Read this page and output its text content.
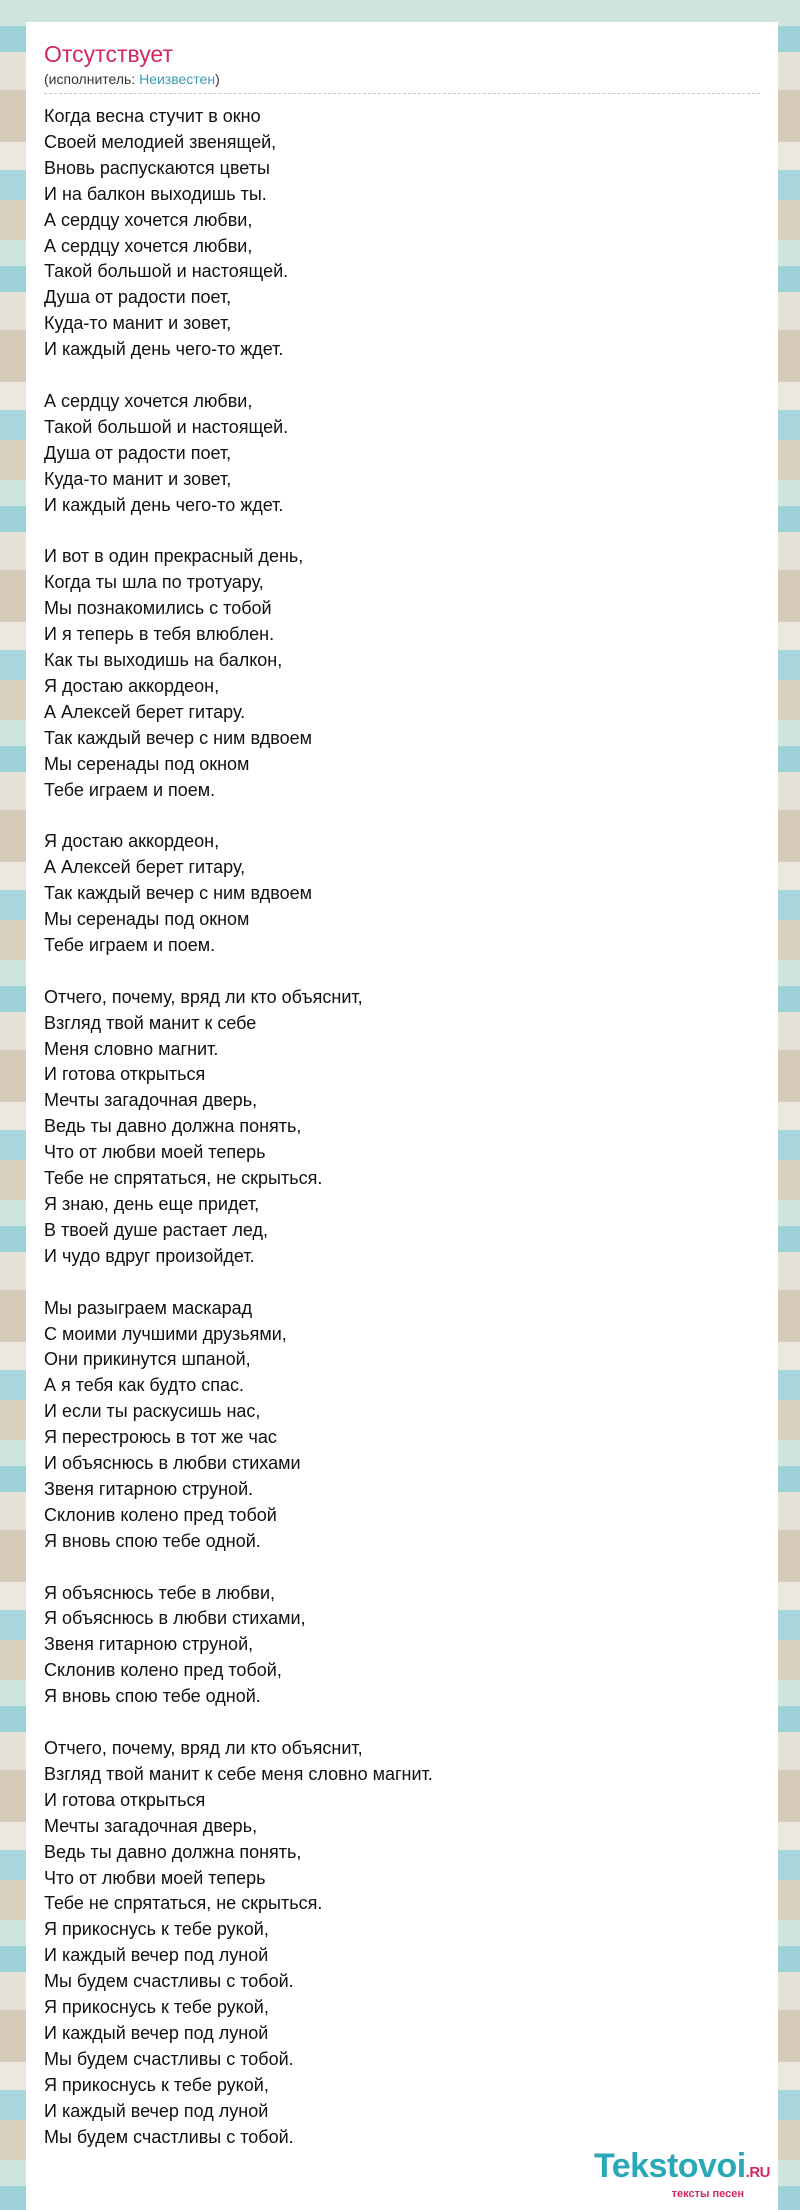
Отсутствует
(исполнитель: Неизвестен)
Когда весна стучит в окно
Своей мелодией звенящей,
Вновь распускаются цветы
И на балкон выходишь ты.
А сердцу хочется любви,
А сердцу хочется любви,
Такой большой и настоящей.
Душа от радости поет,
Куда-то манит и зовет,
И каждый день чего-то ждет.
А сердцу хочется любви,
Такой большой и настоящей.
Душа от радости поет,
Куда-то манит и зовет,
И каждый день чего-то ждет.
И вот в один прекрасный день,
Когда ты шла по тротуару,
Мы познакомились с тобой
И я теперь в тебя влюблен.
Как ты выходишь на балкон,
Я достаю аккордеон,
А Алексей берет гитару.
Так каждый вечер с ним вдвоем
Мы серенады под окном
Тебе играем и поем.
Я достаю аккордеон,
А Алексей берет гитару,
Так каждый вечер с ним вдвоем
Мы серенады под окном
Тебе играем и поем.
Отчего, почему, вряд ли кто объяснит,
Взгляд твой манит к себе
Меня словно магнит.
И готова открыться
Мечты загадочная дверь,
Ведь ты давно должна понять,
Что от любви моей теперь
Тебе не спрятаться, не скрыться.
Я знаю, день еще придет,
В твоей душе растает лед,
И чудо вдруг произойдет.
Мы разыграем маскарад
С моими лучшими друзьями,
Они прикинутся шпаной,
А я тебя как будто спас.
И если ты раскусишь нас,
Я перестроюсь в тот же час
И объяснюсь в любви стихами
Звеня гитарною струной.
Склонив колено пред тобой
Я вновь спою тебе одной.
Я объяснюсь тебе в любви,
Я объяснюсь в любви стихами,
Звеня гитарною струной,
Склонив колено пред тобой,
Я вновь спою тебе одной.
Отчего, почему, вряд ли кто объяснит,
Взгляд твой манит к себе меня словно магнит.
И готова открыться
Мечты загадочная дверь,
Ведь ты давно должна понять,
Что от любви моей теперь
Тебе не спрятаться, не скрыться.
Я прикоснусь к тебе рукой,
И каждый вечер под луной
Мы будем счастливы с тобой.
Я прикоснусь к тебе рукой,
И каждый вечер под луной
Мы будем счастливы с тобой.
Я прикоснусь к тебе рукой,
И каждый вечер под луной
Мы будем счастливы с тобой.
Tekstovoi.RU
тексты песен
